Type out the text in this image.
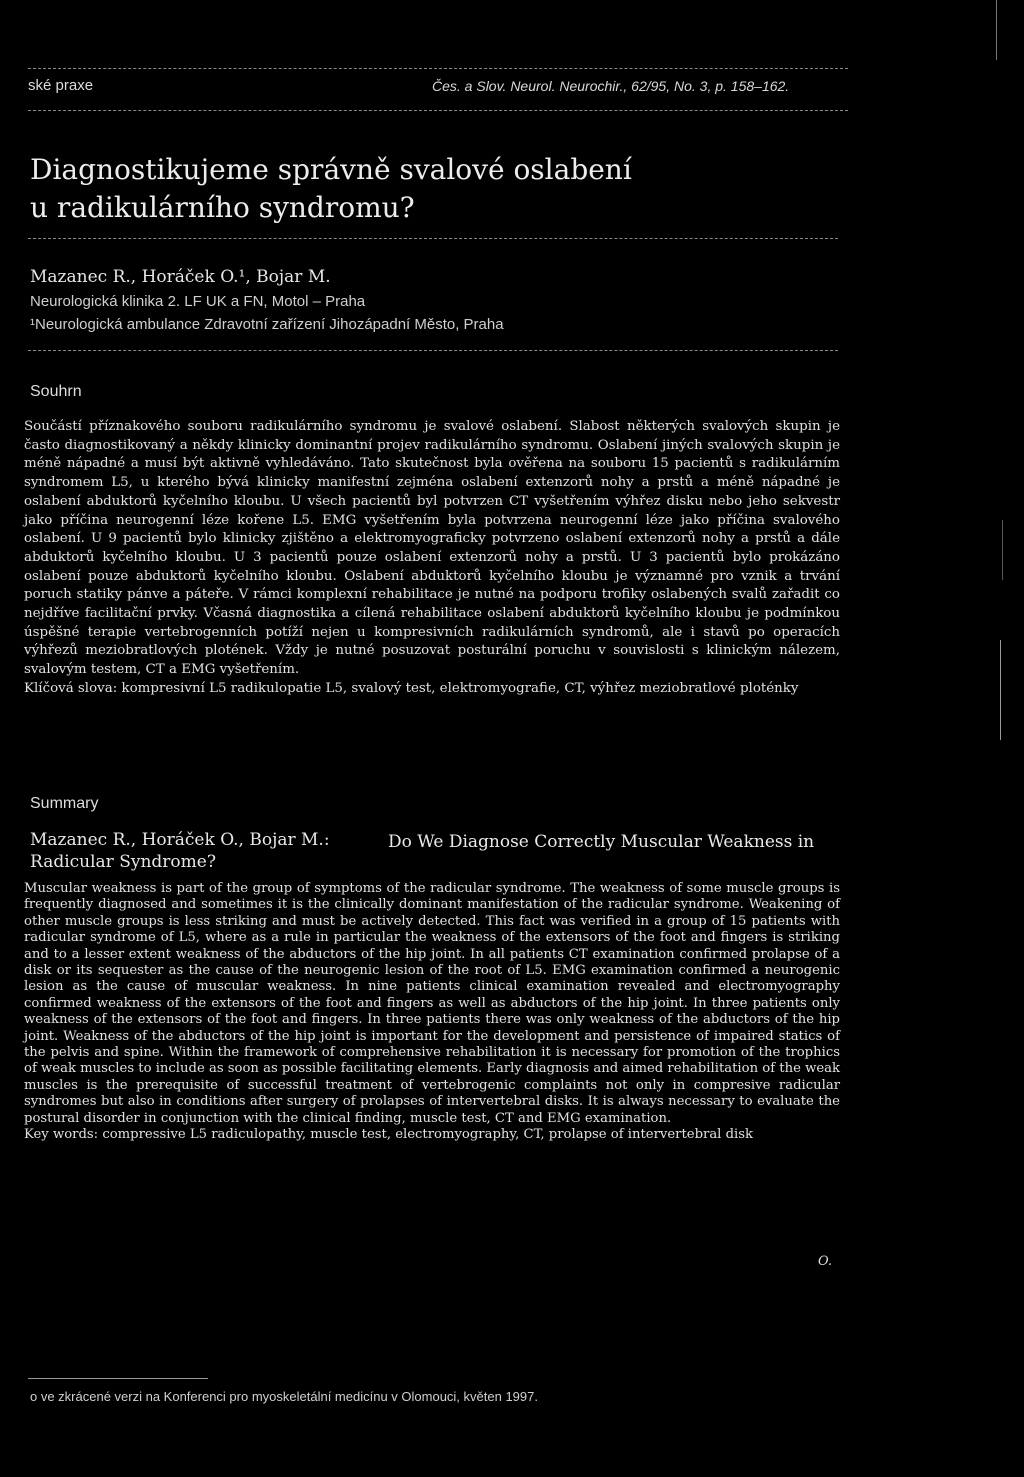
ské praxe	Čes. a Slov. Neurol. Neurochir., 62/95, No. 3, p. 158–162.
Diagnostikujeme správně svalové oslabení
u radikulárního syndromu?
Mazanec R., Horáček O.¹, Bojar M.
Neurologická klinika 2. LF UK a FN, Motol – Praha
¹Neurologická ambulance Zdravotní zařízení Jihozápadní Město, Praha
Souhrn

Součástí příznakového souboru radikulárního syndromu je svalové oslabení. Slabost některých svalových skupin je často diagnostikovaný a někdy klinicky dominantní projev radikulárního syndromu. Oslabení jiných svalových skupin je méně nápadné a musí být aktivně vyhledáváno. Tato skutečnost byla ověřena na souboru 15 pacientů s radikulárním syndromem L5, u kterého bývá klinicky manifestní zejména oslabení extenzorů nohy a prstů a méně nápadné je oslabení abduktorů kyčelního kloubu. U všech pacientů byl potvrzen CT vyšetřením výhřez disku nebo jeho sekvestr jako příčina neurogenní léze kořene L5. EMG vyšetřením byla potvrzena neurogenní léze jako příčina svalového oslabení. U 9 pacientů bylo klinicky zjištěno a elektromyograficky potvrzeno oslabení extenzorů nohy a prstů a dále abduktorů kyčelního kloubu. U 3 pacientů pouze oslabení extenzorů nohy a prstů. U 3 pacientů bylo prokázáno oslabení pouze abduktorů kyčelního kloubu. Oslabení abduktorů kyčelního kloubu je významné pro vznik a trvání poruch statiky pánve a páteře. V rámci komplexní rehabilitace je nutné na podporu trofiky oslabených svalů zařadit co nejdříve facilitační prvky. Včasná diagnostika a cílená rehabilitace oslabení abduktorů kyčelního kloubu je podmínkou úspěšné terapie vertebrogenních potíží nejen u kompresivních radikulárních syndromů, ale i stavů po operacích výhřezů meziobratlových plotének. Vždy je nutné posuzovat posturální poruchu v souvislosti s klinickým nálezem, svalovým testem, CT a EMG vyšetřením.

Klíčová slova: kompresivní L5 radikulopatie L5, svalový test, elektromyografie, CT, výhřez meziobratlové ploténky

Summary
Mazanec R., Horáček O., Bojar M.:
Radicular Syndrome?
Do We Diagnose Correctly Muscular Weakness in

Muscular weakness is part of the group of symptoms of the radicular syndrome. The weakness of some muscle groups is frequently diagnosed and sometimes it is the clinically dominant manifestation of the radicular syndrome. Weakening of other muscle groups is less striking and must be actively detected. This fact was verified in a group of 15 patients with radicular syndrome of L5, where as a rule in particular the weakness of the extensors of the foot and fingers is striking and to a lesser extent weakness of the abductors of the hip joint. In all patients CT examination confirmed prolapse of a disk or its sequester as the cause of the neurogenic lesion of the root of L5. EMG examination confirmed a neurogenic lesion as the cause of muscular weakness. In nine patients clinical examination revealed and electromyography confirmed weakness of the extensors of the foot and fingers as well as abductors of the hip joint. In three patients only weakness of the extensors of the foot and fingers. In three patients there was only weakness of the abductors of the hip joint. Weakness of the abductors of the hip joint is important for the development and persistence of impaired statics of the pelvis and spine. Within the framework of comprehensive rehabilitation it is necessary for promotion of the trophics of weak muscles to include as soon as possible facilitating elements. Early diagnosis and aimed rehabilitation of the weak muscles is the prerequisite of successful treatment of vertebrogenic complaints not only in compresive radicular syndromes but also in conditions after surgery of prolapses of intervertebral disks. It is always necessary to evaluate the postural disorder in conjunction with the clinical finding, muscle test, CT and EMG examination.

Key words: compressive L5 radiculopathy, muscle test, electromyography, CT, prolapse of intervertebral disk

O.
o ve zkrácené verzi na Konferenci pro myoskeletální medicínu v Olomouci, květen 1997.
